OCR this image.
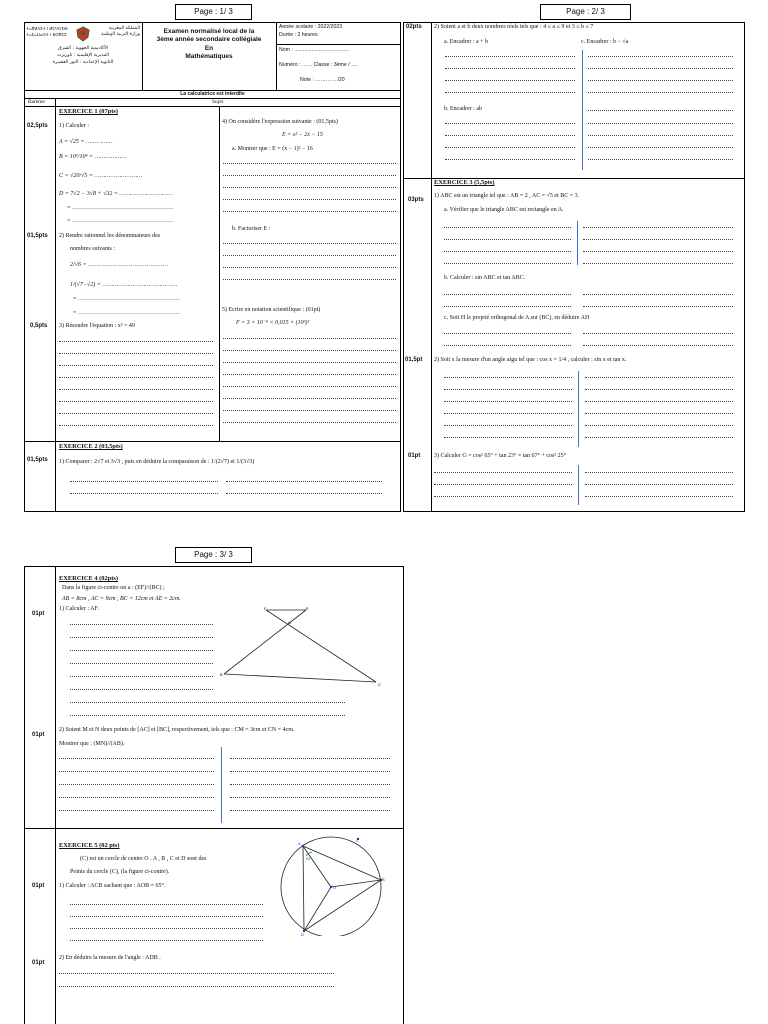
Page : 1/ 3	Page : 2/ 3
Page : 3/ 3
المملكة المغربية
وزارة التربية الوطنية
ⵜⴰⴳⵍⴷⵉⵜ ⵏ ⵍⵎⵖⵔⵉⴱ
ⵜⴰⵎⴰⵡⴰⵙⵜ ⵏ ⵓⵙⴳⵎⵉ
الأكاديمية الجهوية : الشرق
المديرية الإقليمية : تاوريرت
الثانوية الإعدادية : النور القشيرة
Examen normalisé local de la
3ème année secondaire collégiale
En
Mathématiques
Année scolaire : 2022/2023
Durée : 2 heures
Nom : ......................................
Numéro : …… Classe : 3ème / ….
Note : ………… /20
La calculatrice est interdite
Barème	Sujet
EXERCICE 1 (07pts)
02,5pts 1) Calculer :
A = √25 = ……………
B = 10⁶/10⁴ = ………………
C = √20/√5 = ………………………
D = 7√2 − 3√8 + √32 = …………………………
= ……………………………………………
= ……………………………………………
01,5pts 2) Rendre rationnel les dénominateurs des
nombres suivants :
2/√6 = ………………………………………
1/(√7−√2) = ……………………………………
= ……………………………………………
= ……………………………………………
0,5pts 3) Résoudre l'équation : x² = 49
4) On considère l'expression suivante : (01,5pts)
E = x² − 2x − 15
a. Montrer que : E = (x − 1)² − 16
b. Factoriser E :
5) Ecrire en notation scientifique : (01pt)
F = 3 × 10⁻⁵ × 0,015 × (10³)²
EXERCICE 2 (03,5pts)
01,5pts 1) Comparer : 2√7 et 3√3 , puis en déduire la comparaison de : 1/(2√7) et 1/(3√3)
02pts 2) Soient a et b deux nombres réels tels que : 4 ≤ a ≤ 9 et 3 ≤ b ≤ 7
a. Encadrer : a + b	c. Encadrer : b − √a
b. Encadrer : ab
EXERCICE 3 (5,5pts)
03pts
1) ABC est un triangle tel que : AB = 2 , AC = √5 et BC = 3.
a. Vérifier que le triangle ABC est rectangle en A.
b. Calculer : sin ABC et tan ABC.
c. Soit H le projeté orthogonal de A sur (BC), en déduire AH
01,5pt 2) Soit x la mesure d'un angle aigu tel que : cos x = 1/4 , calculer : sin x et tan x.
01pt 3) Calculer G = cos² 65° + tan 23° × tan 67° + cos² 25°
EXERCICE 4 (02pts)
Dans la figure ci-contre on a : (EF)//(BC) ;
AB = 8cm , AC = 9cm , BC = 12cm et AE = 2cm.
01pt
1) Calculer : AF.	F	E
A
B
C
01pt
2) Soient M et N deux points de [AC] et [BC], respectivement, tels que : CM = 3cm et CN = 4cm.
Montrer que : (MN)//(AB).
EXERCICE 5 (02 pts)
(C) est un cercle de centre O . A , B , C et D sont des
Points du cercle (C), (la figure ci-contre).
01pt 1) Calculer : ACB sachant que : AOB = 65°.
01pt
2) En déduire la mesure de l'angle : ADB .
C
A
O
B
D
65°
